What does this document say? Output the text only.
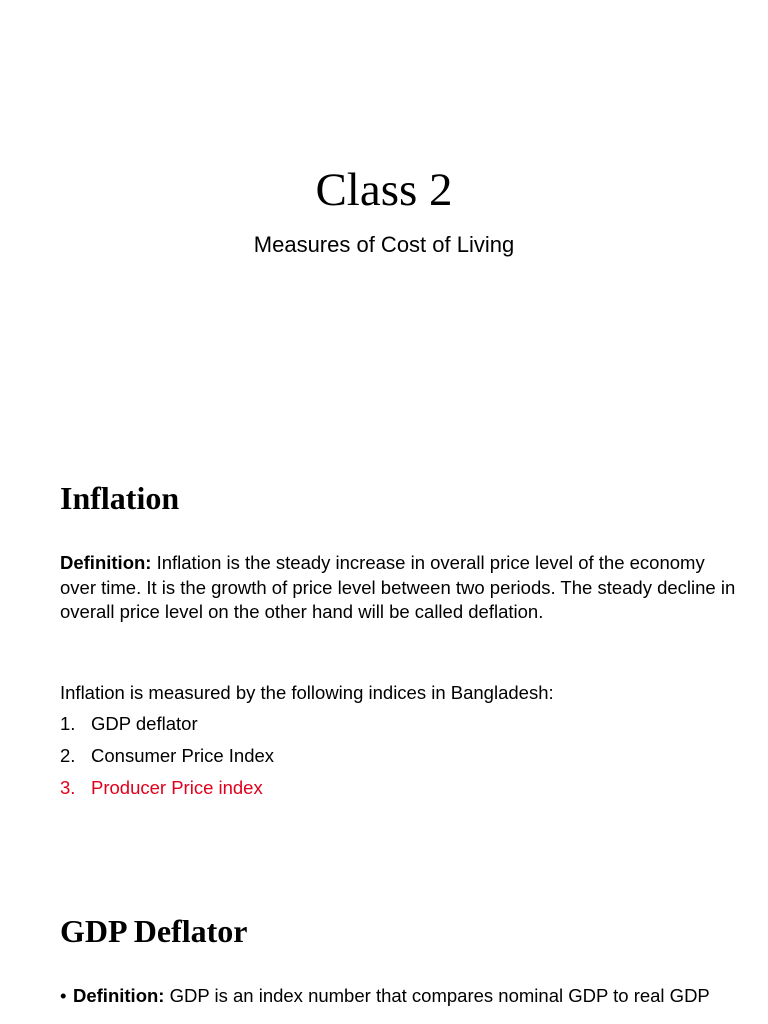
Class 2
Measures of Cost of Living
Inflation
Definition: Inflation is the steady increase in overall price level of the economy over time. It is the growth of price level between two periods. The steady decline in overall price level on the other hand will be called deflation.
Inflation is measured by the following indices in Bangladesh:
1. GDP deflator
2. Consumer Price Index
3. Producer Price index
GDP Deflator
• Definition: GDP is an index number that compares nominal GDP to real GDP
